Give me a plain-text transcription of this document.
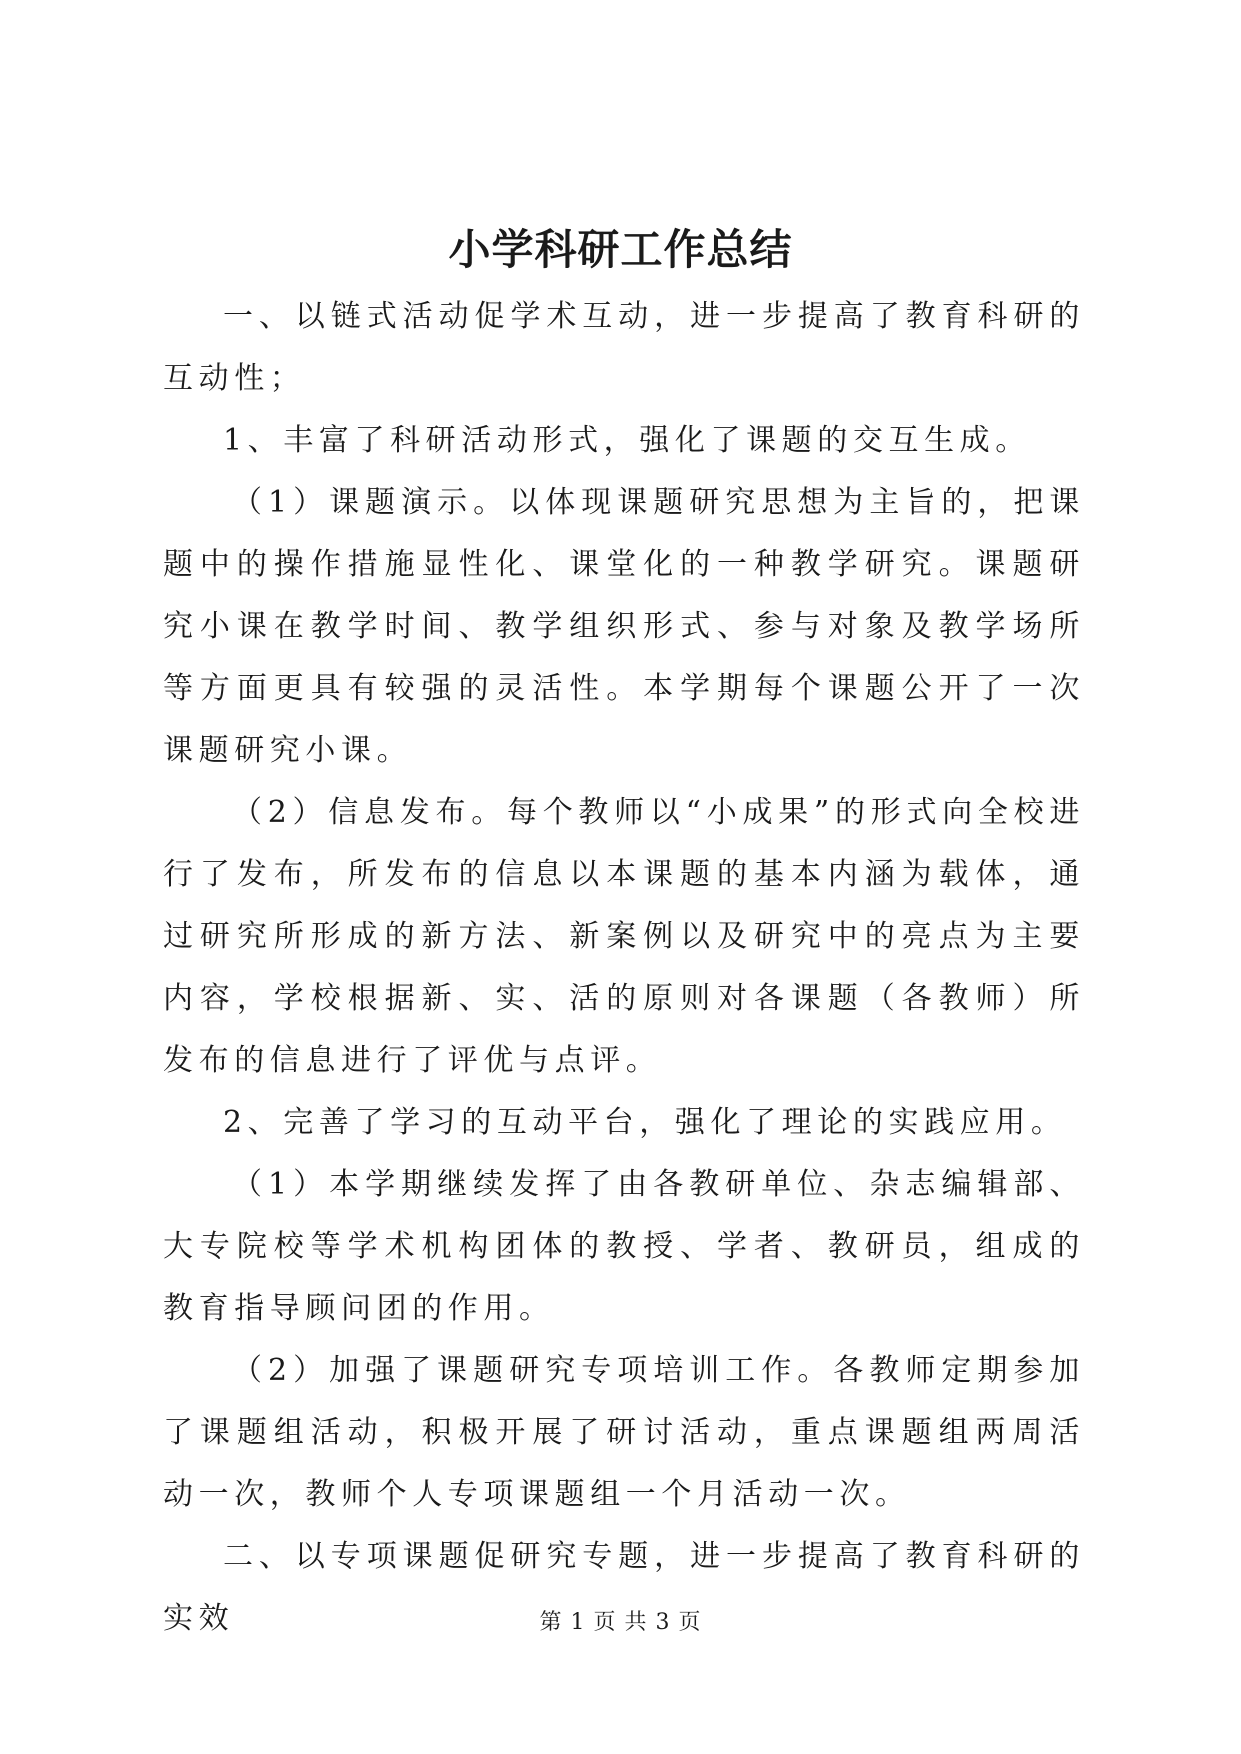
小学科研工作总结

一、以链式活动促学术互动，进一步提高了教育科研的互动性；

1、丰富了科研活动形式，强化了课题的交互生成。

（1）课题演示。以体现课题研究思想为主旨的，把课题中的操作措施显性化、课堂化的一种教学研究。课题研究小课在教学时间、教学组织形式、参与对象及教学场所等方面更具有较强的灵活性。本学期每个课题公开了一次课题研究小课。

（2）信息发布。每个教师以“小成果”的形式向全校进行了发布，所发布的信息以本课题的基本内涵为载体，通过研究所形成的新方法、新案例以及研究中的亮点为主要内容，学校根据新、实、活的原则对各课题（各教师）所发布的信息进行了评优与点评。

2、完善了学习的互动平台，强化了理论的实践应用。

（1）本学期继续发挥了由各教研单位、杂志编辑部、大专院校等学术机构团体的教授、学者、教研员，组成的教育指导顾问团的作用。

（2）加强了课题研究专项培训工作。各教师定期参加了课题组活动，积极开展了研讨活动，重点课题组两周活动一次，教师个人专项课题组一个月活动一次。

二、以专项课题促研究专题，进一步提高了教育科研的实效	第 1 页 共 3 页
